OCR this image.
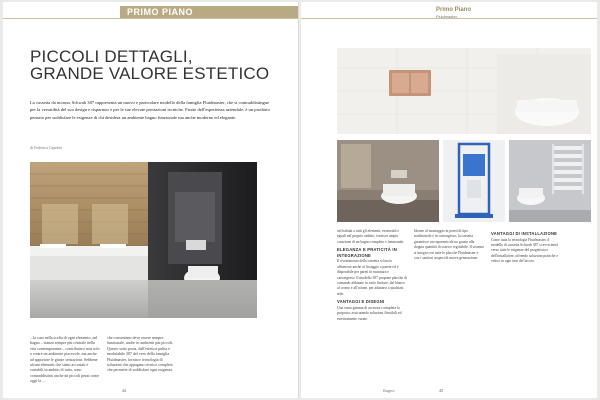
PRIMO PIANO
PICCOLI DETTAGLI,
GRANDE VALORE ESTETICO

La cassetta da incasso Schwab 387 rappresenta un nuovo e particolare modello della famiglia Fluidmaster, che si contraddistingue per la versatilità del suo design e risparmio e per le sue elevate prestazioni tecniche. Frutto dell'esperienza aziendale, è un prodotto pensato per soddisfare le esigenze di chi desidera un ambiente bagno funzionale ma anche moderno ed elegante.

di Federica Capobei

...la cura nella scelta di ogni elemento, nel bagno – stanza sempre più centrale nella vita contemporanea – contribuisce non solo a creare un ambiente piacevole, ma anche ad apportare le giuste sensazioni. Sebbene alcuni elementi che siano accostati e variabili in ambito di tutto, sono contraddistinti anche da piccoli pezzi come oggi la ...

che consentano deve essere sempre funzionale, anche in ambienti più piccoli. Questo sotto porta, dall'estetica pulita e modulabile 387 del vero della famiglia Fluidmaster, fornisce tecnologia di soluzioni che appagano tecnica completa che permette di soddisfare ogni esigenza.

44
Primo Piano
Fluidmaster

nel habitat a tutti gli elementi, essenziali e eguali nel proprio ambito, fornisce ampia creazione di un bagno completo e funzionale.

ELEGANZA E PRATICITÀ IN INTEGRAZIONE

Il rivestimento della cassetta si lascia affiancare anche al fissaggio a parete ed è disponibile per pareti in muratura e cartongesso. Il modello 387 propone placche di comando abbinate in varie finiture, dal bianco al cromo e all'ottone, per adattarsi a qualsiasi stile.

VANTAGGI E DISEGNI

Una vasta gamma di accessori completa la proposta, assicurando soluzioni flessibili ed esteticamente curate.

Idoneo al montaggio in pareti di tipo tradizionale e in cartongesso, la cassetta garantisce un risparmio idrico grazie alla doppia quantità di scarico regolabile. Il sistema si integra con tutte le placche Fluidmaster e con i sanitari sospesi di nuova generazione.

VANTAGGI DI INSTALLAZIONE

Come tutta la tecnologia Fluidmaster, il modello di cassetta Schwab 387 si avvicinerà verso tutte le esigenze del progettista e dell'installatore, offrendo soluzioni pratiche e veloci in ogni fase del lavoro.

Bagno	45
